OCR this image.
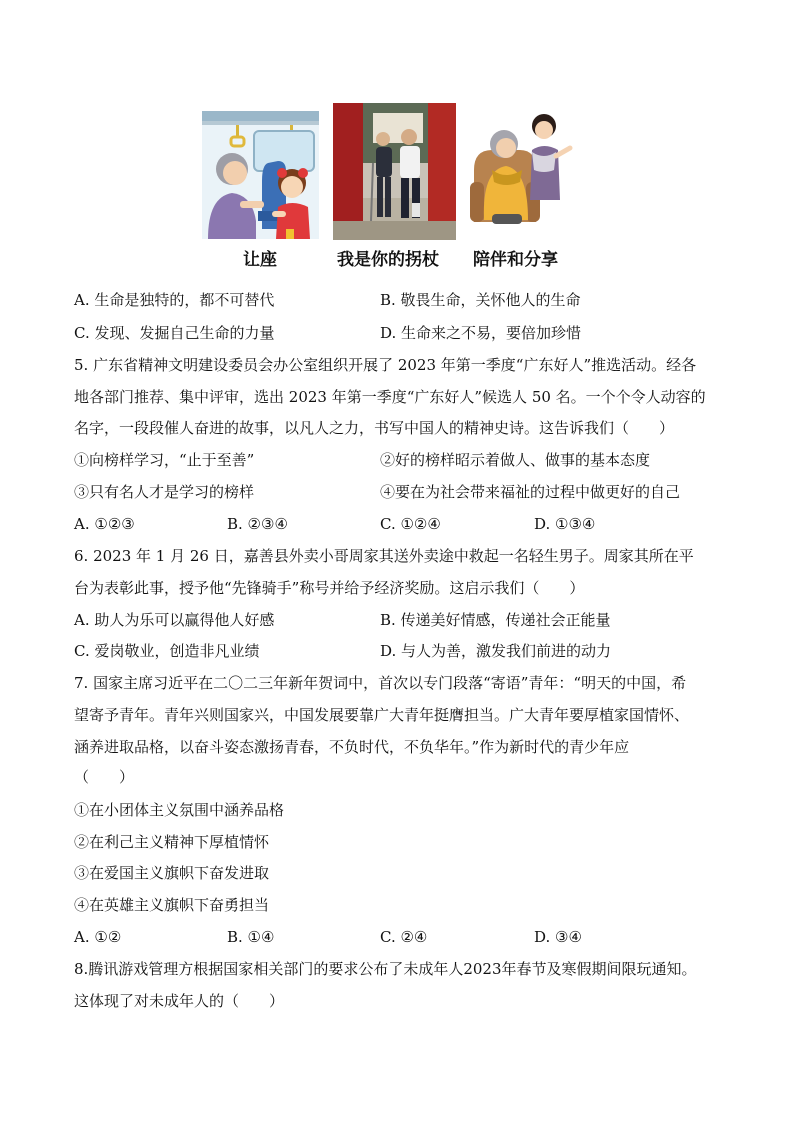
让座	我是你的拐杖 陪伴和分享
A. 生命是独特的，都不可替代	B. 敬畏生命，关怀他人的生命
C. 发现、发掘自己生命的力量	D. 生命来之不易，要倍加珍惜
5. 广东省精神文明建设委员会办公室组织开展了 2023 年第一季度“广东好人”推选活动。经各
地各部门推荐、集中评审，选出 2023 年第一季度“广东好人”候选人 50 名。一个个令人动容的
名字，一段段催人奋进的故事，以凡人之力，书写中国人的精神史诗。这告诉我们（　　）
①向榜样学习，“止于至善”	②好的榜样昭示着做人、做事的基本态度
③只有名人才是学习的榜样	④要在为社会带来福祉的过程中做更好的自己
A. ①②③	B. ②③④	C. ①②④	D. ①③④
6. 2023 年 1 月 26 日，嘉善县外卖小哥周家其送外卖途中救起一名轻生男子。周家其所在平
台为表彰此事，授予他“先锋骑手”称号并给予经济奖励。这启示我们（　　）
A. 助人为乐可以赢得他人好感	B. 传递美好情感，传递社会正能量
C. 爱岗敬业，创造非凡业绩	D. 与人为善，激发我们前进的动力
7. 国家主席习近平在二〇二三年新年贺词中，首次以专门段落“寄语”青年：“明天的中国，希
望寄予青年。青年兴则国家兴，中国发展要靠广大青年挺膺担当。广大青年要厚植家国情怀、
涵养进取品格，以奋斗姿态激扬青春，不负时代，不负华年。”作为新时代的青少年应
（　　）
①在小团体主义氛围中涵养品格
②在利己主义精神下厚植情怀
③在爱国主义旗帜下奋发进取
④在英雄主义旗帜下奋勇担当
A. ①②	B. ①④	C. ②④	D. ③④
8.腾讯游戏管理方根据国家相关部门的要求公布了未成年人2023年春节及寒假期间限玩通知。
这体现了对未成年人的（　　）
